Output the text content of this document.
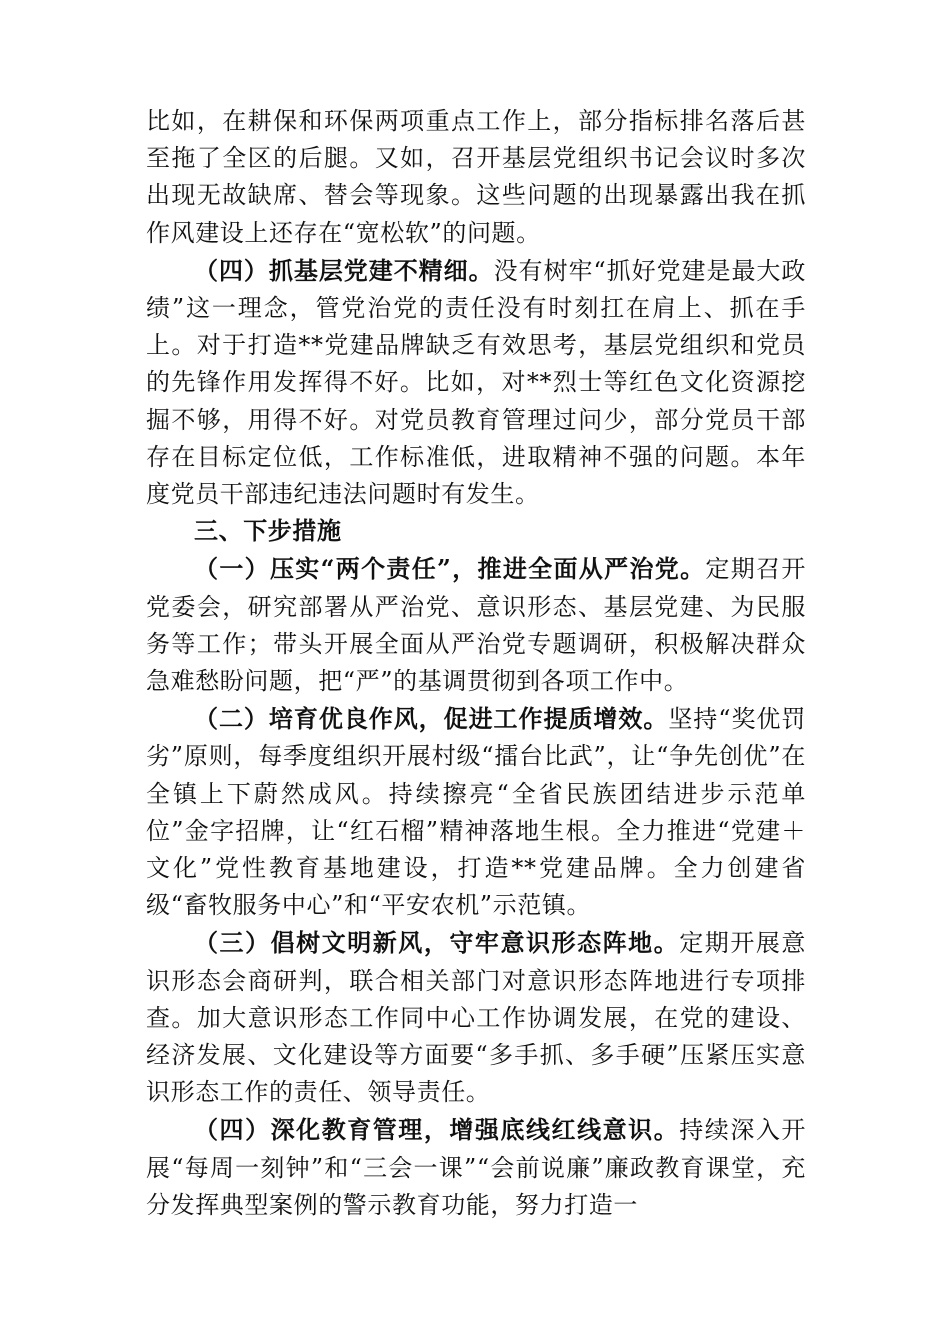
比如，在耕保和环保两项重点工作上，部分指标排名落后甚至拖了全区的后腿。又如，召开基层党组织书记会议时多次出现无故缺席、替会等现象。这些问题的出现暴露出我在抓作风建设上还存在“宽松软”的问题。

（四）抓基层党建不精细。没有树牢“抓好党建是最大政绩”这一理念，管党治党的责任没有时刻扛在肩上、抓在手上。对于打造**党建品牌缺乏有效思考，基层党组织和党员的先锋作用发挥得不好。比如，对**烈士等红色文化资源挖掘不够，用得不好。对党员教育管理过问少，部分党员干部存在目标定位低，工作标准低，进取精神不强的问题。本年度党员干部违纪违法问题时有发生。

三、下步措施

（一）压实“两个责任”，推进全面从严治党。定期召开党委会，研究部署从严治党、意识形态、基层党建、为民服务等工作；带头开展全面从严治党专题调研，积极解决群众急难愁盼问题，把“严”的基调贯彻到各项工作中。

（二）培育优良作风，促进工作提质增效。坚持“奖优罚劣”原则，每季度组织开展村级“擂台比武”，让“争先创优”在全镇上下蔚然成风。持续擦亮“全省民族团结进步示范单位”金字招牌，让“红石榴”精神落地生根。全力推进“党建＋文化”党性教育基地建设，打造**党建品牌。全力创建省级“畜牧服务中心”和“平安农机”示范镇。

（三）倡树文明新风，守牢意识形态阵地。定期开展意识形态会商研判，联合相关部门对意识形态阵地进行专项排查。加大意识形态工作同中心工作协调发展，在党的建设、经济发展、文化建设等方面要“多手抓、多手硬”压紧压实意识形态工作的责任、领导责任。

（四）深化教育管理，增强底线红线意识。持续深入开展“每周一刻钟”和“三会一课”“会前说廉”廉政教育课堂，充分发挥典型案例的警示教育功能，努力打造一
